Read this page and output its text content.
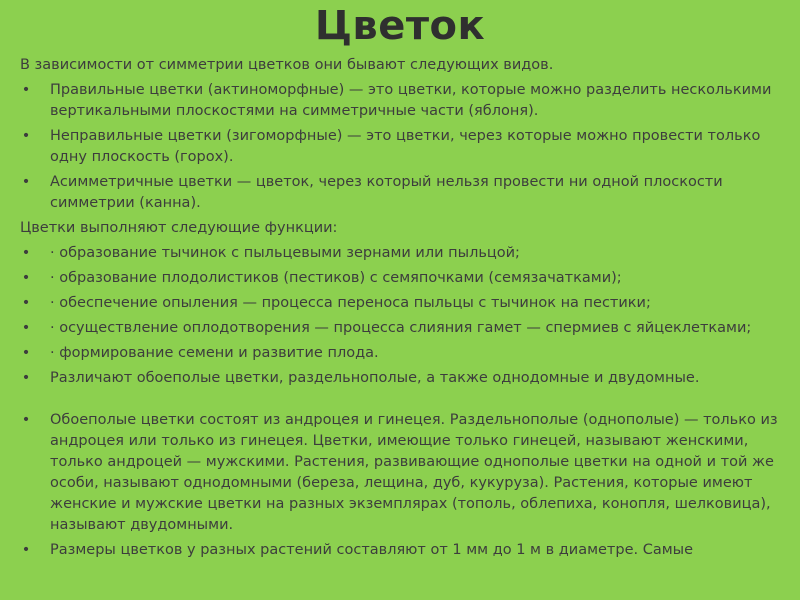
Цветок

В зависимости от симметрии цветков они бывают следующих видов.

• Правильные цветки (актиноморфные) — это цветки, которые можно разделить несколькими вертикальными плоскостями на симметричные части (яблоня).
• Неправильные цветки (зигоморфные) — это цветки, через которые можно провести только одну плоскость (горох).
• Асимметричные цветки — цветок, через который нельзя провести ни одной плоскости симметрии (канна).

Цветки выполняют следующие функции:

• · образование тычинок с пыльцевыми зернами или пыльцой;
• · образование плодолистиков (пестиков) с семяпочками (семязачатками);
• · обеспечение опыления — процесса переноса пыльцы с тычинок на пестики;
• · осуществление оплодотворения — процесса слияния гамет — спермиев с яйцеклетками;
• · формирование семени и развитие плода.
• Различают обоеполые цветки, раздельнополые, а также однодомные и двудомные.
• Обоеполые цветки состоят из андроцея и гинецея. Раздельнополые (однополые) — только из андроцея или только из гинецея. Цветки, имеющие только гинецей, называют женскими, только андроцей — мужскими. Растения, развивающие однополые цветки на одной и той же особи, называют однодомными (береза, лещина, дуб, кукуруза). Растения, которые имеют женские и мужские цветки на разных экземплярах (тополь, облепиха, конопля, шелковица), называют двудомными.
• Размеры цветков у разных растений составляют от 1 мм до 1 м в диаметре. Самые
